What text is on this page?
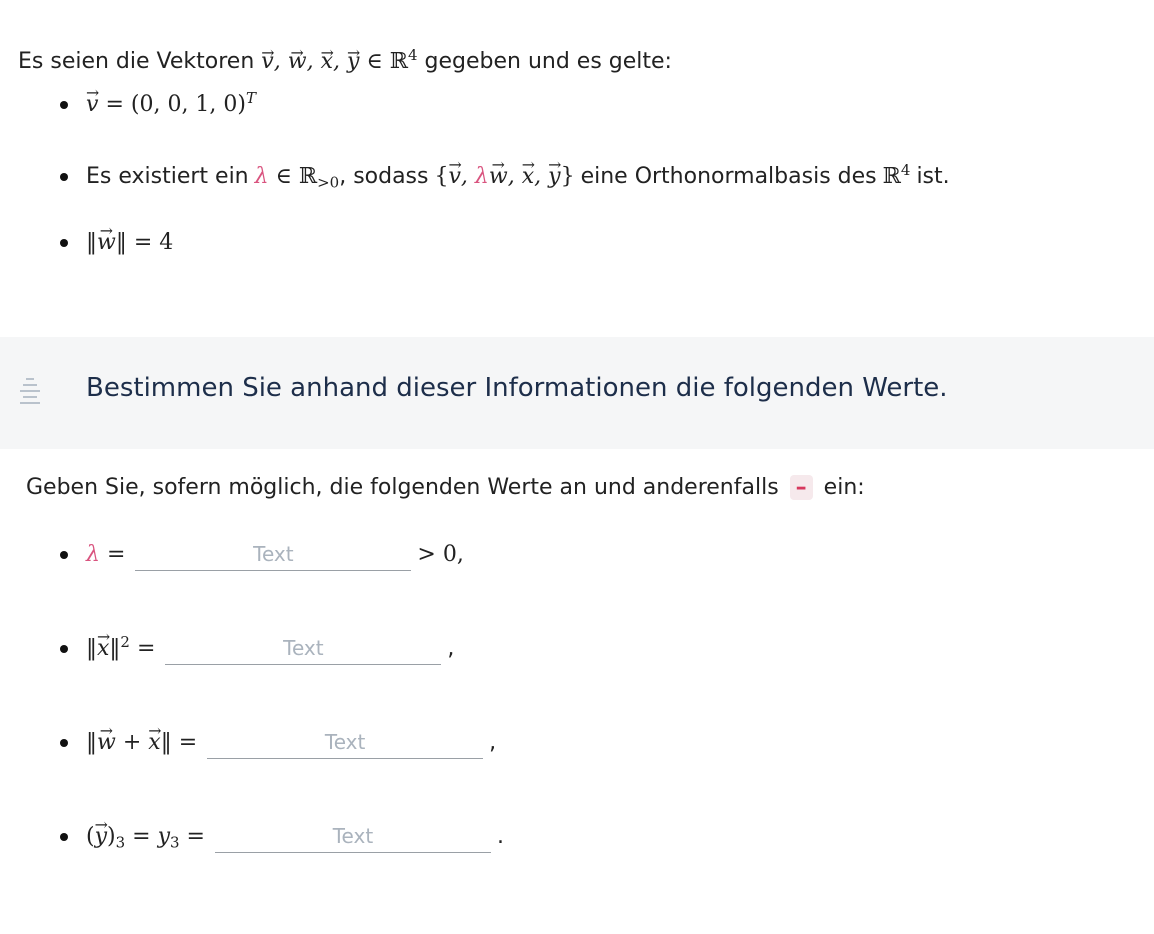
Es seien die Vektoren → v, → w, → x, → y ∈ ℝ$^4$ gegeben und es gelte:
→ v = (0, 0, 1, 0)$^T$
Es existiert ein λ ∈ ℝ$_{>0}$ , sodass {→ v, λ→ w, → x, → y} eine Orthonormalbasis des ℝ$^4$ ist.
‖→ w‖ = 4
Bestimmen Sie anhand dieser Informationen die folgenden Werte.
Geben Sie, sofern möglich, die folgenden Werte an und anderenfalls – ein:
λ =
Text	> 0,
‖→ x‖$^2$ =
Text	,
‖→ w + → x‖ =
Text	,
(→ $y)_3 = y_3$ =
Text	.
